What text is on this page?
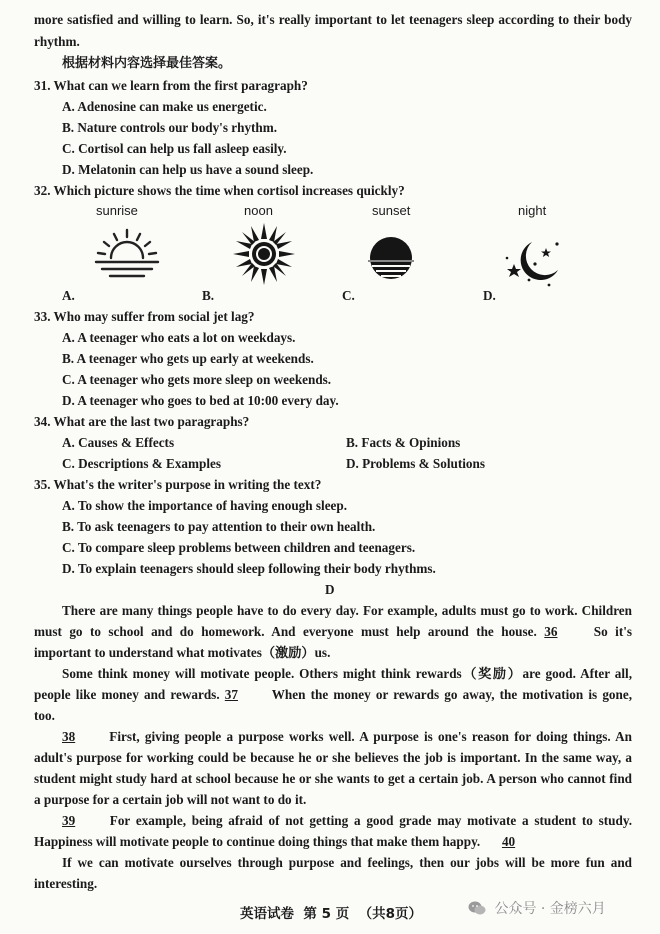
more satisfied and willing to learn. So, it's really important to let teenagers sleep according to their body
rhythm.
根据材料内容选择最佳答案。
31. What can we learn from the first paragraph?
A. Adenosine can make us energetic.
B. Nature controls our body's rhythm.
C. Cortisol can help us fall asleep easily.
D. Melatonin can help us have a sound sleep.
32. Which picture shows the time when cortisol increases quickly?
sunrise	noon	sunset	night
A.	B.	C.	D.
33. Who may suffer from social jet lag?
A. A teenager who eats a lot on weekdays.
B. A teenager who gets up early at weekends.
C. A teenager who gets more sleep on weekends.
D. A teenager who goes to bed at 10:00 every day.
34. What are the last two paragraphs?
A. Causes & Effects	B. Facts & Opinions
C. Descriptions & Examples	D. Problems & Solutions
35. What's the writer's purpose in writing the text?
A. To show the importance of having enough sleep.
B. To ask teenagers to pay attention to their own health.
C. To compare sleep problems between children and teenagers.
D. To explain teenagers should sleep following their body rhythms.
D
There are many things people have to do every day. For example, adults must go to work. Children
must go to school and do homework. And everyone must help around the house. 36	So it's
important to understand what motivates（激励）us.
Some think money will motivate people. Others might think rewards（奖励）are good. After all,
people like money and rewards. 37	When the money or rewards go away, the motivation is gone,
too.
38	First, giving people a purpose works well. A purpose is one's reason for doing things. An
adult's purpose for working could be because he or she believes the job is important. In the same way, a
student might study hard at school because he or she wants to get a certain job. A person who cannot find
a purpose for a certain job will not want to do it.
39	For example, being afraid of not getting a good grade may motivate a student to study.
Happiness will motivate people to continue doing things that make them happy. 40
If we can motivate ourselves through purpose and feelings, then our jobs will be more fun and
interesting.
英语试卷  第 5 页  （共8页）	公众号 · 金榜六月
